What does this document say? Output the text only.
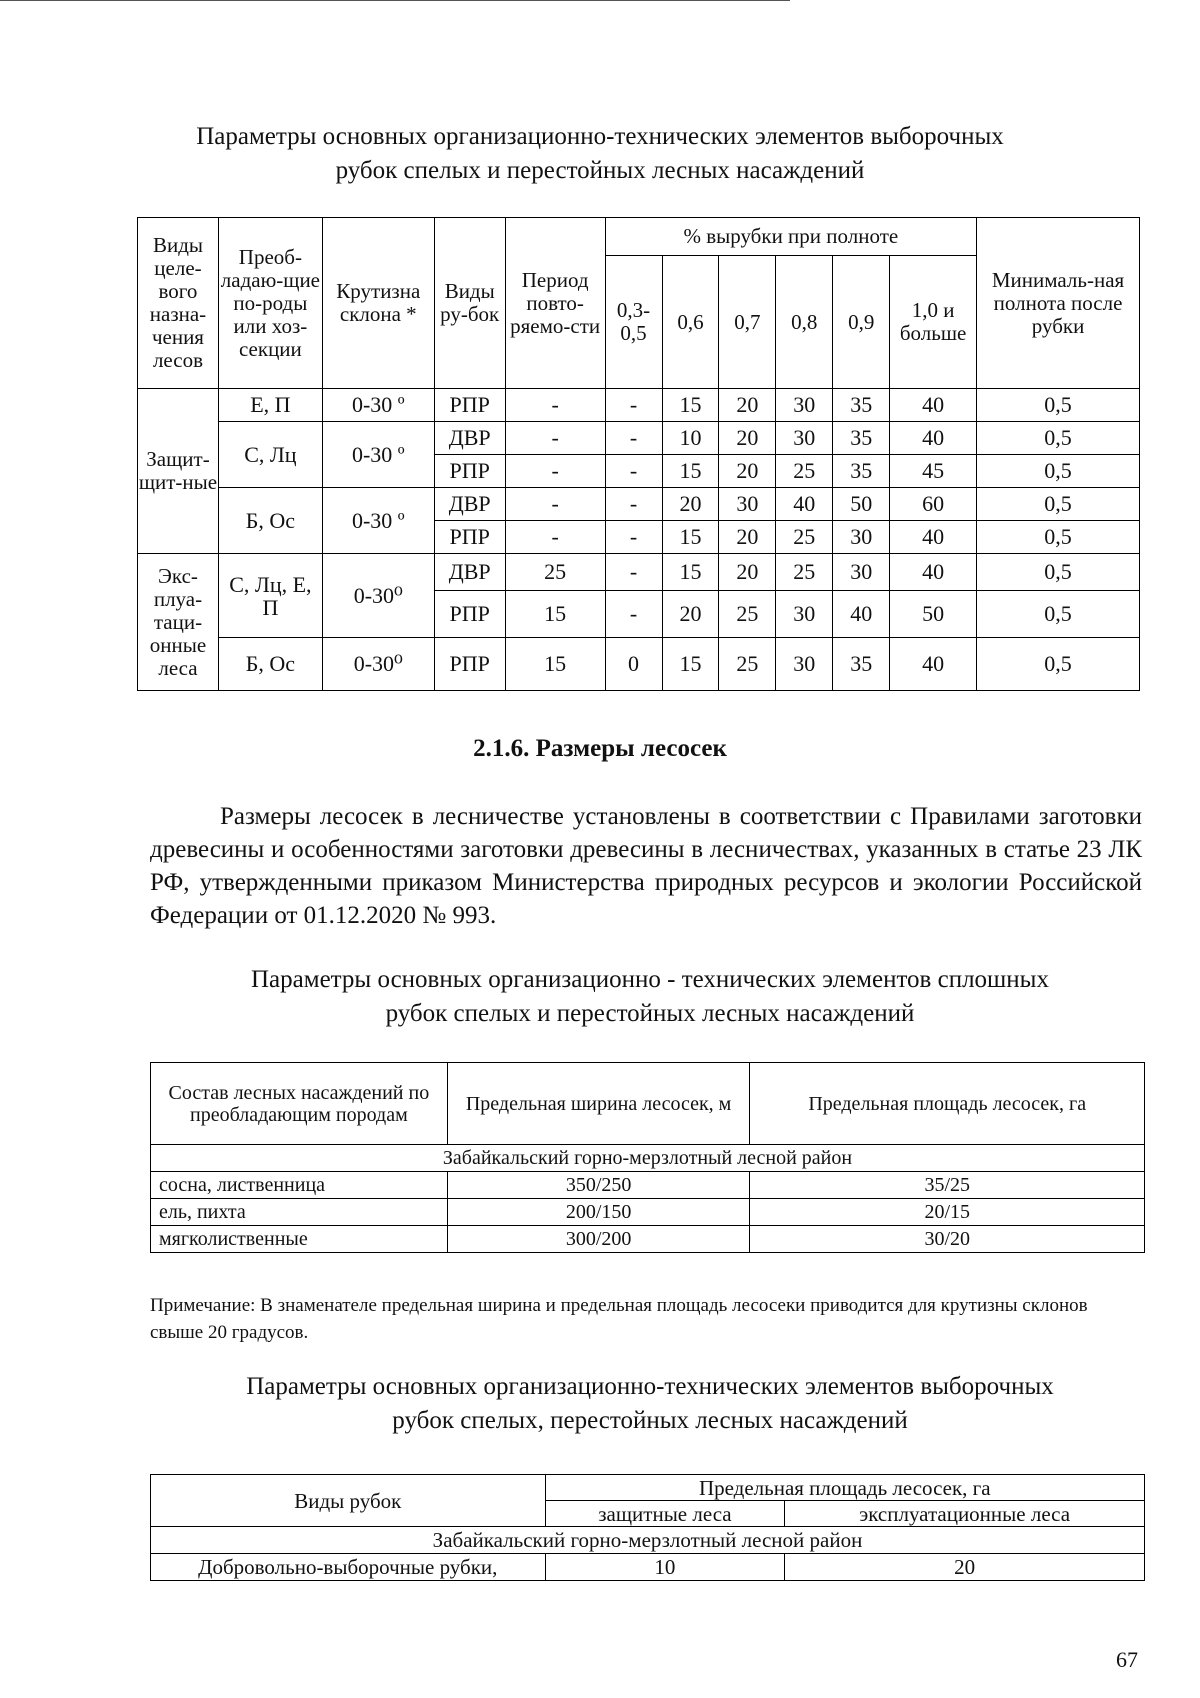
Параметры основных организационно-технических элементов выборочных
рубок спелых и перестойных лесных насаждений
Виды целе-вого назна-чения лесов	Преоб-ладаю-щие по-роды или хоз-секции	Крутизна склона *	Виды ру-бок	Период повто-ряемо-сти	% вырубки при полноте						Минималь-ная полнота после рубки
					0,3-0,5	0,6	0,7	0,8	0,9	1,0 и больше	
Защит-щит-ные	Е, П	0-30 º	РПР	-	-	15	20	30	35	40	0,5
	С, Лц	0-30 º	ДВР	-	-	10	20	30	35	40	0,5
			РПР	-	-	15	20	25	35	45	0,5
	Б, Ос	0-30 º	ДВР	-	-	20	30	40	50	60	0,5
			РПР	-	-	15	20	25	30	40	0,5
Экс-плуа-таци-онные леса	С, Лц, Е, П	0-30⁰	ДВР	25	-	15	20	25	30	40	0,5
			РПР	15	-	20	25	30	40	50	0,5
	Б, Ос	0-30⁰	РПР	15	0	15	25	30	35	40	0,5
2.1.6. Размеры лесосек

Размеры лесосек в лесничестве установлены в соответствии с Правилами заготовки древесины и особенностями заготовки древесины в лесничествах, указанных в статье 23 ЛК РФ, утвержденными приказом Министерства природных ресурсов и экологии Российской Федерации от 01.12.2020 № 993.

Параметры основных организационно - технических элементов сплошных
рубок спелых и перестойных лесных насаждений
Состав лесных насаждений по преобладающим породам	Предельная ширина лесосек, м	Предельная площадь лесосек, га
Забайкальский горно-мерзлотный лесной район		
сосна, лиственница	350/250	35/25
ель, пихта	200/150	20/15
мягколиственные	300/200	30/20

Примечание: В знаменателе предельная ширина и предельная площадь лесосеки приводится для крутизны склонов свыше 20 градусов.

Параметры основных организационно-технических элементов выборочных
рубок спелых, перестойных лесных насаждений
Виды рубок	Предельная площадь лесосек, га	
	защитные леса	эксплуатационные леса
Забайкальский горно-мерзлотный лесной район		
Добровольно-выборочные рубки,	10	20
67
